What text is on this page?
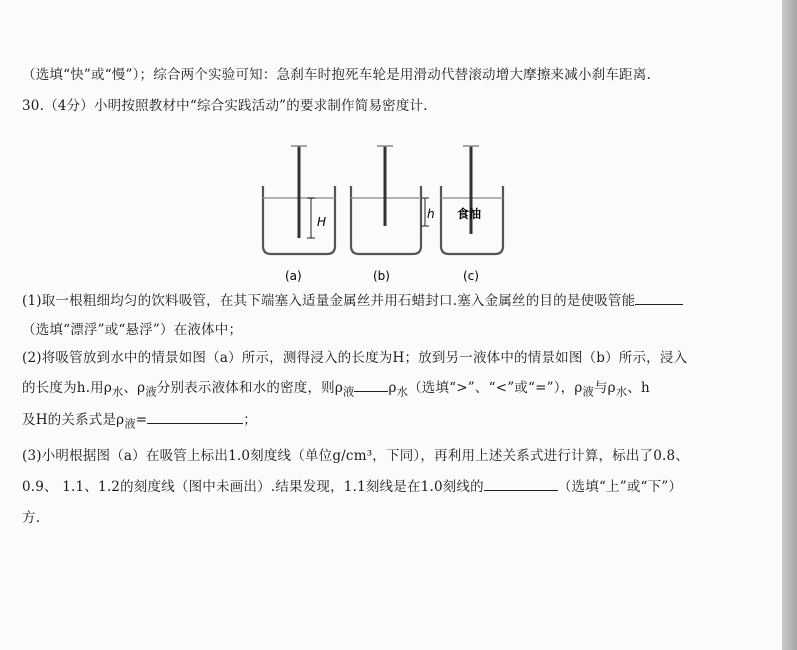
（选填“快”或“慢”）；综合两个实验可知：急刹车时抱死车轮是用滑动代替滚动增大摩擦来减小刹车距离.
30.（4分）小明按照教材中“综合实践活动”的要求制作简易密度计.
H
h 食油
(a)	(b)	(c)
(1)取一根粗细均匀的饮料吸管，在其下端塞入适量金属丝并用石蜡封口.塞入金属丝的目的是使吸管能
（选填“漂浮”或“悬浮”）在液体中；
(2)将吸管放到水中的情景如图（a）所示，测得浸入的长度为H；放到另一液体中的情景如图（b）所示，浸入
的长度为h.用$\rho_水$、$\rho_液$分别表示液体和水的密度，则$\rho_液$	$\rho_水$（选填“>”、“<”或“=”），$\rho_液$与$\rho_水$、h
及H的关系式是$\rho_液=$	；
(3)小明根据图（a）在吸管上标出1.0刻度线（单位g/cm³，下同），再利用上述关系式进行计算，标出了0.8、
0.9、 1.1、1.2的刻度线（图中未画出）.结果发现，1.1刻线是在1.0刻线的	（选填“上”或“下”）
方.
